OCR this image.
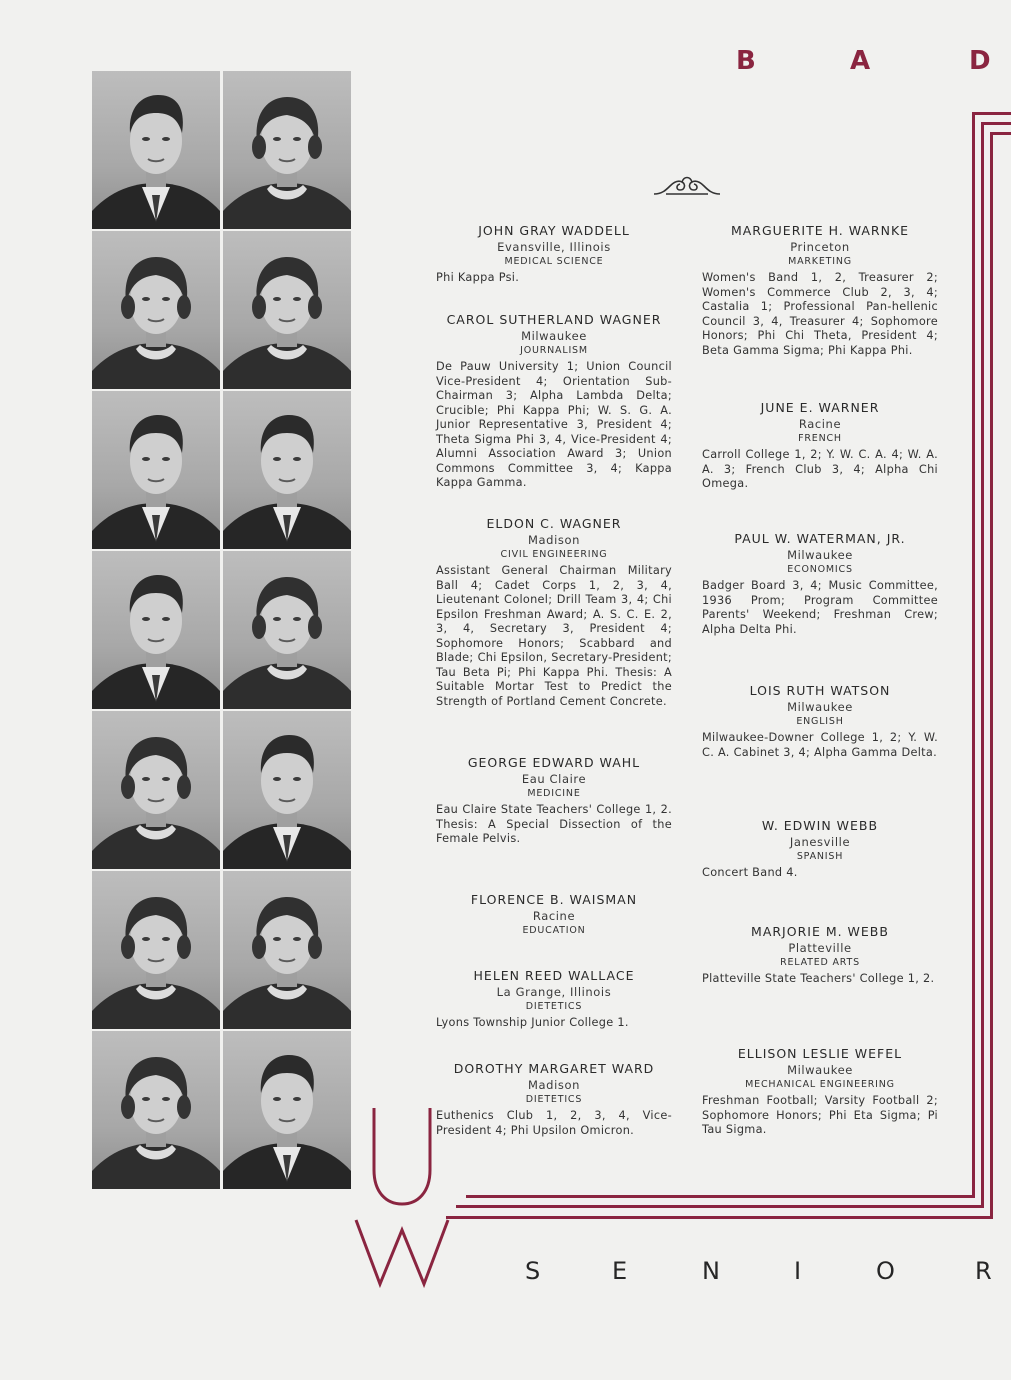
B	A	D
JOHN GRAY WADDELL
Evansville, Illinois
MEDICAL SCIENCE
Phi Kappa Psi.
CAROL SUTHERLAND WAGNER
Milwaukee
JOURNALISM
De Pauw University 1; Union Council Vice-President 4; Orientation Sub-Chairman 3; Alpha Lambda Delta; Crucible; Phi Kappa Phi; W. S. G. A. Junior Representative 3, President 4; Theta Sigma Phi 3, 4, Vice-President 4; Alumni Association Award 3; Union Commons Committee 3, 4; Kappa Kappa Gamma.
ELDON C. WAGNER
Madison
CIVIL ENGINEERING
Assistant General Chairman Military Ball 4; Cadet Corps 1, 2, 3, 4, Lieutenant Colonel; Drill Team 3, 4; Chi Epsilon Freshman Award; A. S. C. E. 2, 3, 4, Secretary 3, President 4; Sophomore Honors; Scabbard and Blade; Chi Epsilon, Secretary-President; Tau Beta Pi; Phi Kappa Phi. Thesis: A Suitable Mortar Test to Predict the Strength of Portland Cement Concrete.
GEORGE EDWARD WAHL
Eau Claire
MEDICINE
Eau Claire State Teachers' College 1, 2. Thesis: A Special Dissection of the Female Pelvis.
FLORENCE B. WAISMAN
Racine
EDUCATION
HELEN REED WALLACE
La Grange, Illinois
DIETETICS
Lyons Township Junior College 1.
DOROTHY MARGARET WARD
Madison
DIETETICS
Euthenics Club 1, 2, 3, 4, Vice-President 4; Phi Upsilon Omicron.
MARGUERITE H. WARNKE
Princeton
MARKETING
Women's Band 1, 2, Treasurer 2; Women's Commerce Club 2, 3, 4; Castalia 1; Professional Pan-hellenic Council 3, 4, Treasurer 4; Sophomore Honors; Phi Chi Theta, President 4; Beta Gamma Sigma; Phi Kappa Phi.
JUNE E. WARNER
Racine
FRENCH
Carroll College 1, 2; Y. W. C. A. 4; W. A. A. 3; French Club 3, 4; Alpha Chi Omega.
PAUL W. WATERMAN, JR.
Milwaukee
ECONOMICS
Badger Board 3, 4; Music Committee, 1936 Prom; Program Committee Parents' Weekend; Freshman Crew; Alpha Delta Phi.
LOIS RUTH WATSON
Milwaukee
ENGLISH
Milwaukee-Downer College 1, 2; Y. W. C. A. Cabinet 3, 4; Alpha Gamma Delta.
W. EDWIN WEBB
Janesville
SPANISH
Concert Band 4.
MARJORIE M. WEBB
Platteville
RELATED ARTS
Platteville State Teachers' College 1, 2.
ELLISON LESLIE WEFEL
Milwaukee
MECHANICAL ENGINEERING
Freshman Football; Varsity Football 2; Sophomore Honors; Phi Eta Sigma; Pi Tau Sigma.
S	E	N	I	O	R
